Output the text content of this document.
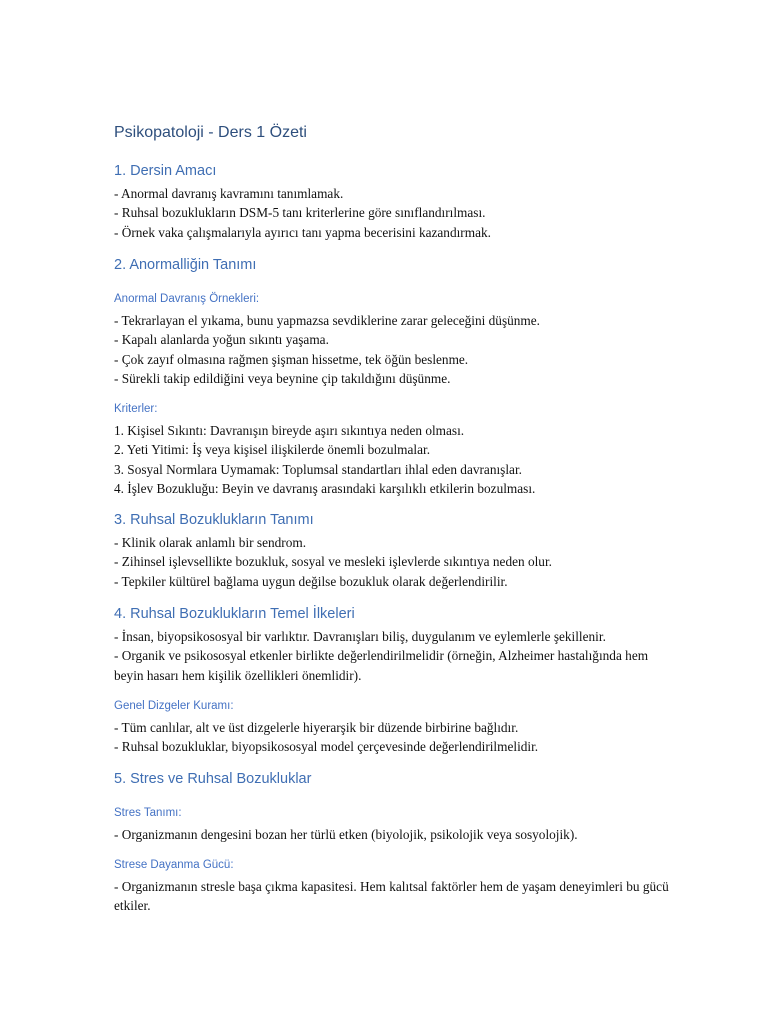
Psikopatoloji - Ders 1 Özeti
1. Dersin Amacı
- Anormal davranış kavramını tanımlamak.
- Ruhsal bozuklukların DSM-5 tanı kriterlerine göre sınıflandırılması.
- Örnek vaka çalışmalarıyla ayırıcı tanı yapma becerisini kazandırmak.
2. Anormalliğin Tanımı
Anormal Davranış Örnekleri:
- Tekrarlayan el yıkama, bunu yapmazsa sevdiklerine zarar geleceğini düşünme.
- Kapalı alanlarda yoğun sıkıntı yaşama.
- Çok zayıf olmasına rağmen şişman hissetme, tek öğün beslenme.
- Sürekli takip edildiğini veya beynine çip takıldığını düşünme.
Kriterler:
1. Kişisel Sıkıntı: Davranışın bireyde aşırı sıkıntıya neden olması.
2. Yeti Yitimi: İş veya kişisel ilişkilerde önemli bozulmalar.
3. Sosyal Normlara Uymamak: Toplumsal standartları ihlal eden davranışlar.
4. İşlev Bozukluğu: Beyin ve davranış arasındaki karşılıklı etkilerin bozulması.
3. Ruhsal Bozuklukların Tanımı
- Klinik olarak anlamlı bir sendrom.
- Zihinsel işlevsellikte bozukluk, sosyal ve mesleki işlevlerde sıkıntıya neden olur.
- Tepkiler kültürel bağlama uygun değilse bozukluk olarak değerlendirilir.
4. Ruhsal Bozuklukların Temel İlkeleri
- İnsan, biyopsikososyal bir varlıktır. Davranışları biliş, duygulanım ve eylemlerle şekillenir.
- Organik ve psikososyal etkenler birlikte değerlendirilmelidir (örneğin, Alzheimer hastalığında hem beyin hasarı hem kişilik özellikleri önemlidir).
Genel Dizgeler Kuramı:
- Tüm canlılar, alt ve üst dizgelerle hiyerarşik bir düzende birbirine bağlıdır.
- Ruhsal bozukluklar, biyopsikososyal model çerçevesinde değerlendirilmelidir.
5. Stres ve Ruhsal Bozukluklar
Stres Tanımı:
- Organizmanın dengesini bozan her türlü etken (biyolojik, psikolojik veya sosyolojik).
Strese Dayanma Gücü:
- Organizmanın stresle başa çıkma kapasitesi. Hem kalıtsal faktörler hem de yaşam deneyimleri bu gücü etkiler.
